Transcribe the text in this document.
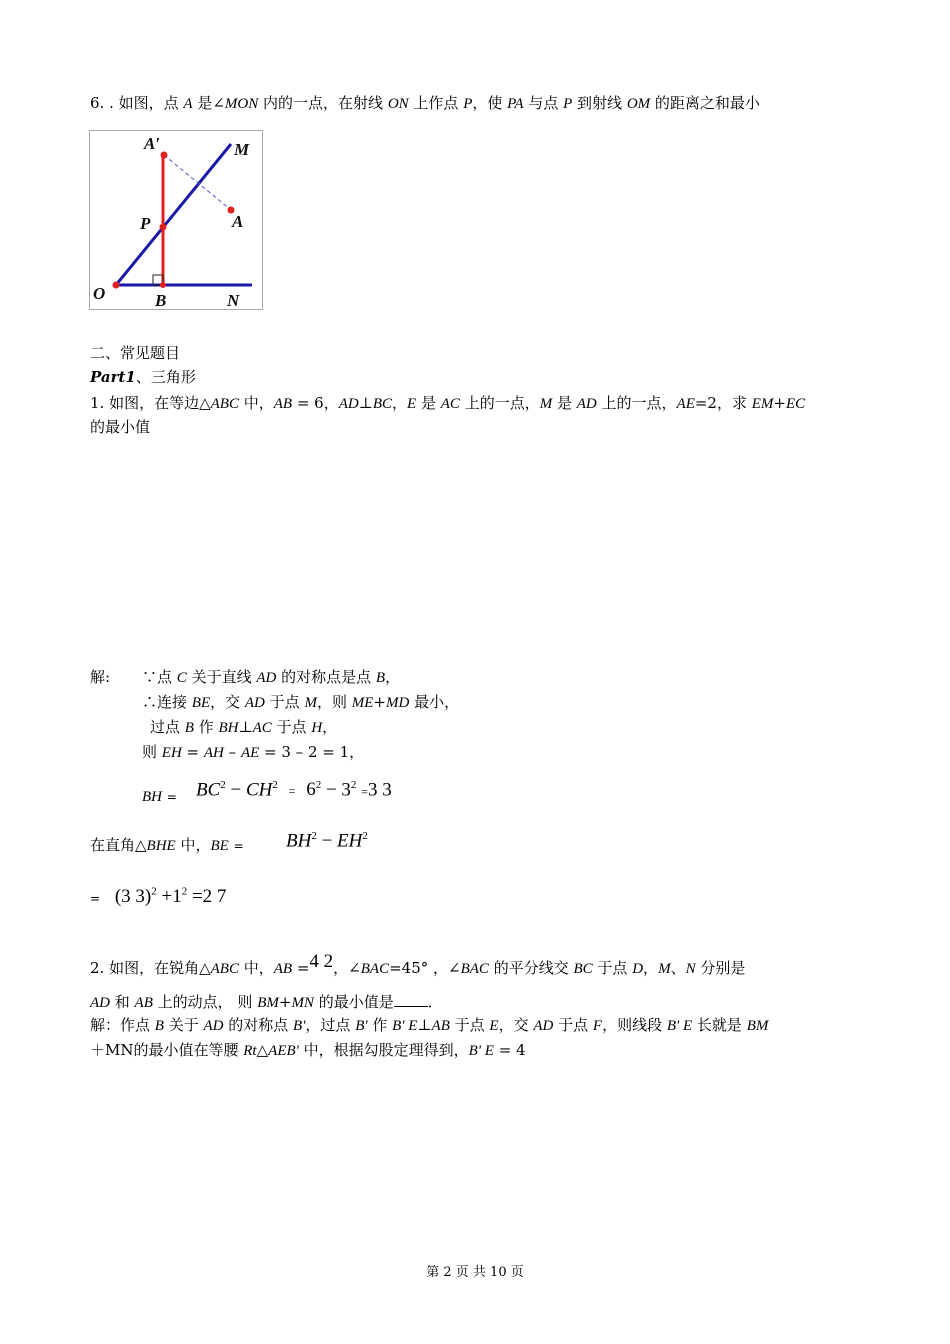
6. . 如图，点 A 是∠MON 内的一点，在射线 ON 上作点 P，使 PA 与点 P 到射线 OM 的距离之和最小
A′	M
P	A
O	B	N
二、常见题目
Part1、三角形
1. 如图，在等边△ABC 中，AB = 6，AD⊥BC，E 是 AC 上的一点，M 是 AD 上的一点，AE=2，求 EM+EC
的最小值
解: ∵点 C 关于直线 AD 的对称点是点 B，
∴连接 BE，交 AD 于点 M，则 ME+MD 最小，
过点 B 作 BH⊥AC 于点 H，
则 EH = AH – AE = 3 – 2 = 1，
BH = $BC^2 - CH^2 = 6^2 - 3^2 =3$ 3
在直角△BHE 中，BE = $BH^2 - EH^2$
= (3 $3)^2 +1^2 =2$ 7
2. 如图，在锐角△ABC 中，AB =4 2，∠BAC=45° ，∠BAC 的平分线交 BC 于点 D，M、N 分别是
AD 和 AB 上的动点， 则 BM+MN 的最小值是 ．
解：作点 B 关于 AD 的对称点 B'，过点 B' 作 B' E⊥AB 于点 E，交 AD 于点 F，则线段 B' E 长就是 BM
＋MN的最小值在等腰 Rt△AEB' 中，根据勾股定理得到，B' E = 4
第 2 页 共 10 页
